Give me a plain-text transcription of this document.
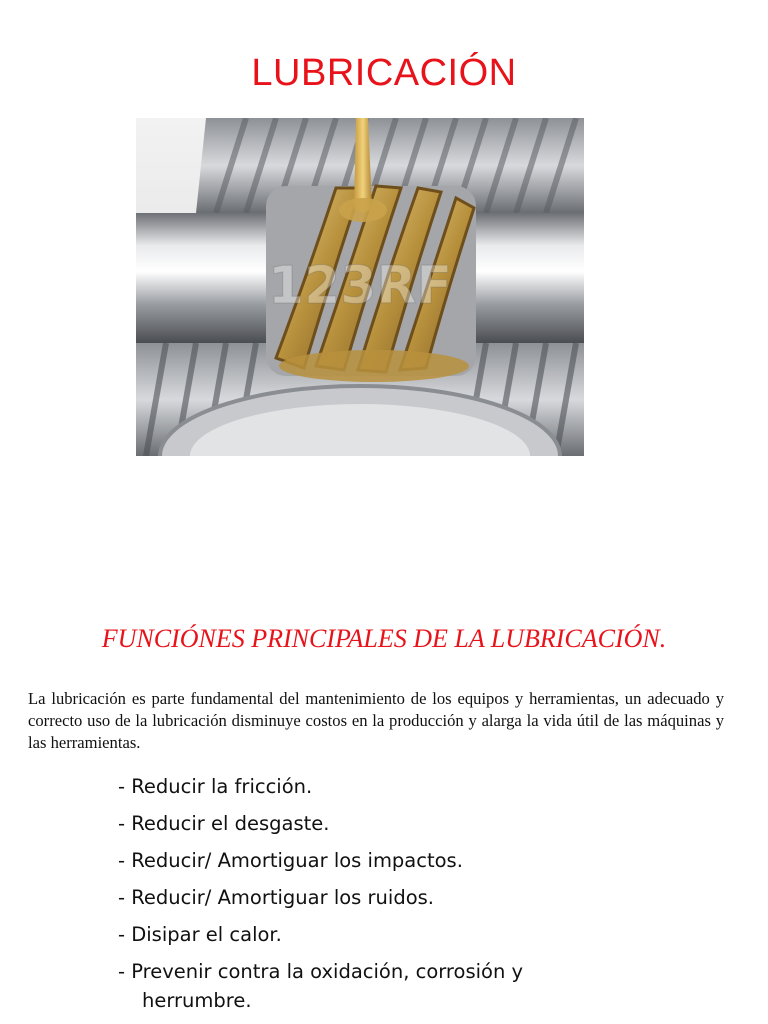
LUBRICACIÓN
123RF
FUNCIÓNES PRINCIPALES DE LA LUBRICACIÓN.
La lubricación es parte fundamental del mantenimiento de los equipos y herramientas, un adecuado y correcto uso de la lubricación disminuye costos en la producción y alarga la vida útil de las máquinas y las herramientas.
- Reducir la fricción.
- Reducir el desgaste.
- Reducir/ Amortiguar los impactos.
- Reducir/ Amortiguar los ruidos.
- Disipar el calor.
- Prevenir contra la oxidación, corrosión y
herrumbre.
